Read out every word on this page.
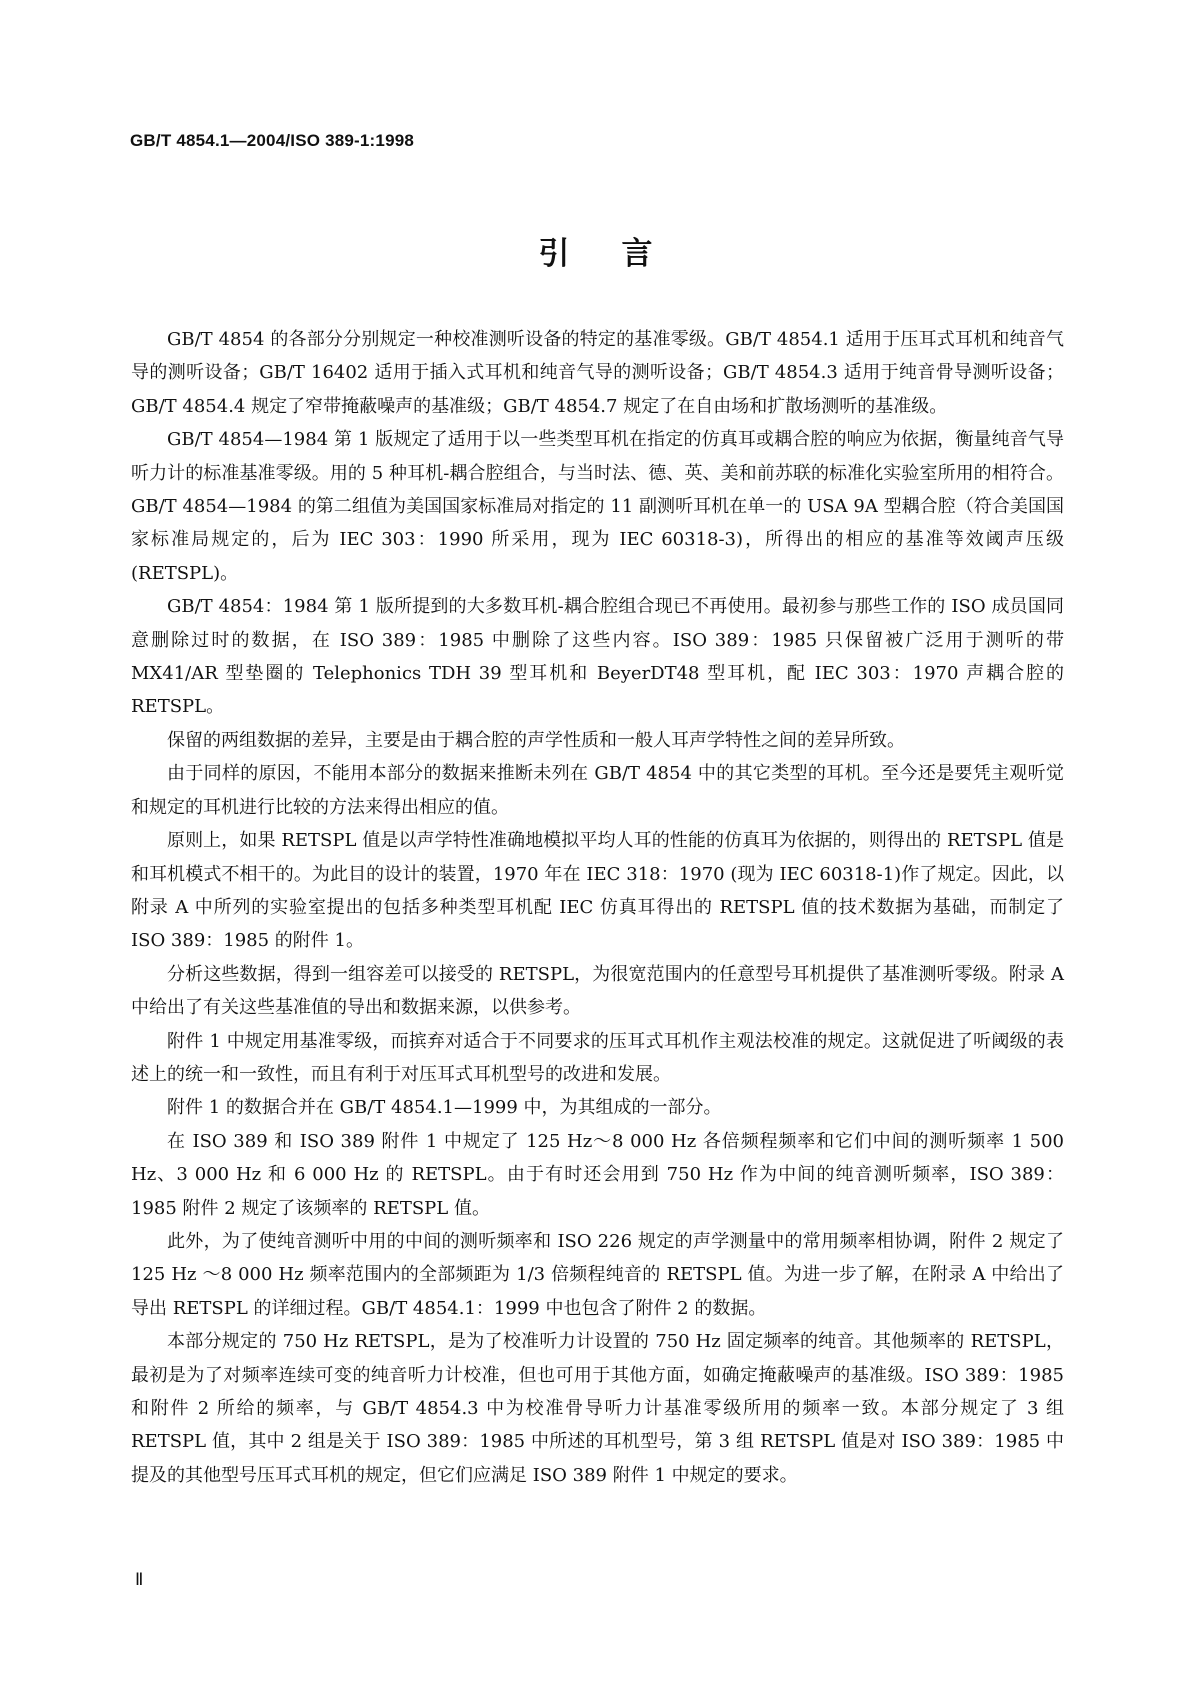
GB/T 4854.1—2004/ISO 389-1:1998
引言

GB/T 4854 的各部分分别规定一种校准测听设备的特定的基准零级。GB/T 4854.1 适用于压耳式耳机和纯音气导的测听设备；GB/T 16402 适用于插入式耳机和纯音气导的测听设备；GB/T 4854.3 适用于纯音骨导测听设备；GB/T 4854.4 规定了窄带掩蔽噪声的基准级；GB/T 4854.7 规定了在自由场和扩散场测听的基准级。

GB/T 4854—1984 第 1 版规定了适用于以一些类型耳机在指定的仿真耳或耦合腔的响应为依据，衡量纯音气导听力计的标准基准零级。用的 5 种耳机-耦合腔组合，与当时法、德、英、美和前苏联的标准化实验室所用的相符合。GB/T 4854—1984 的第二组值为美国国家标准局对指定的 11 副测听耳机在单一的 USA 9A 型耦合腔（符合美国国家标准局规定的，后为 IEC 303：1990 所采用，现为 IEC 60318-3)，所得出的相应的基准等效阈声压级(RETSPL)。

GB/T 4854：1984 第 1 版所提到的大多数耳机-耦合腔组合现已不再使用。最初参与那些工作的 ISO 成员国同意删除过时的数据，在 ISO 389：1985 中删除了这些内容。ISO 389：1985 只保留被广泛用于测听的带 MX41/AR 型垫圈的 Telephonics TDH 39 型耳机和 BeyerDT48 型耳机，配 IEC 303：1970 声耦合腔的 RETSPL。

保留的两组数据的差异，主要是由于耦合腔的声学性质和一般人耳声学特性之间的差异所致。

由于同样的原因，不能用本部分的数据来推断未列在 GB/T 4854 中的其它类型的耳机。至今还是要凭主观听觉和规定的耳机进行比较的方法来得出相应的值。

原则上，如果 RETSPL 值是以声学特性准确地模拟平均人耳的性能的仿真耳为依据的，则得出的 RETSPL 值是和耳机模式不相干的。为此目的设计的装置，1970 年在 IEC 318：1970 (现为 IEC 60318-1)作了规定。因此，以附录 A 中所列的实验室提出的包括多种类型耳机配 IEC 仿真耳得出的 RETSPL 值的技术数据为基础，而制定了 ISO 389：1985 的附件 1。

分析这些数据，得到一组容差可以接受的 RETSPL，为很宽范围内的任意型号耳机提供了基准测听零级。附录 A 中给出了有关这些基准值的导出和数据来源，以供参考。

附件 1 中规定用基准零级，而摈弃对适合于不同要求的压耳式耳机作主观法校准的规定。这就促进了听阈级的表述上的统一和一致性，而且有利于对压耳式耳机型号的改进和发展。

附件 1 的数据合并在 GB/T 4854.1—1999 中，为其组成的一部分。

在 ISO 389 和 ISO 389 附件 1 中规定了 125 Hz～8 000 Hz 各倍频程频率和它们中间的测听频率 1 500 Hz、3 000 Hz 和 6 000 Hz 的 RETSPL。由于有时还会用到 750 Hz 作为中间的纯音测听频率，ISO 389：1985 附件 2 规定了该频率的 RETSPL 值。

此外，为了使纯音测听中用的中间的测听频率和 ISO 226 规定的声学测量中的常用频率相协调，附件 2 规定了 125 Hz ～8 000 Hz 频率范围内的全部频距为 1/3 倍频程纯音的 RETSPL 值。为进一步了解，在附录 A 中给出了导出 RETSPL 的详细过程。GB/T 4854.1：1999 中也包含了附件 2 的数据。

本部分规定的 750 Hz RETSPL，是为了校准听力计设置的 750 Hz 固定频率的纯音。其他频率的 RETSPL，最初是为了对频率连续可变的纯音听力计校准，但也可用于其他方面，如确定掩蔽噪声的基准级。ISO 389：1985 和附件 2 所给的频率，与 GB/T 4854.3 中为校准骨导听力计基准零级所用的频率一致。本部分规定了 3 组 RETSPL 值，其中 2 组是关于 ISO 389：1985 中所述的耳机型号，第 3 组 RETSPL 值是对 ISO 389：1985 中提及的其他型号压耳式耳机的规定，但它们应满足 ISO 389 附件 1 中规定的要求。

Ⅱ
